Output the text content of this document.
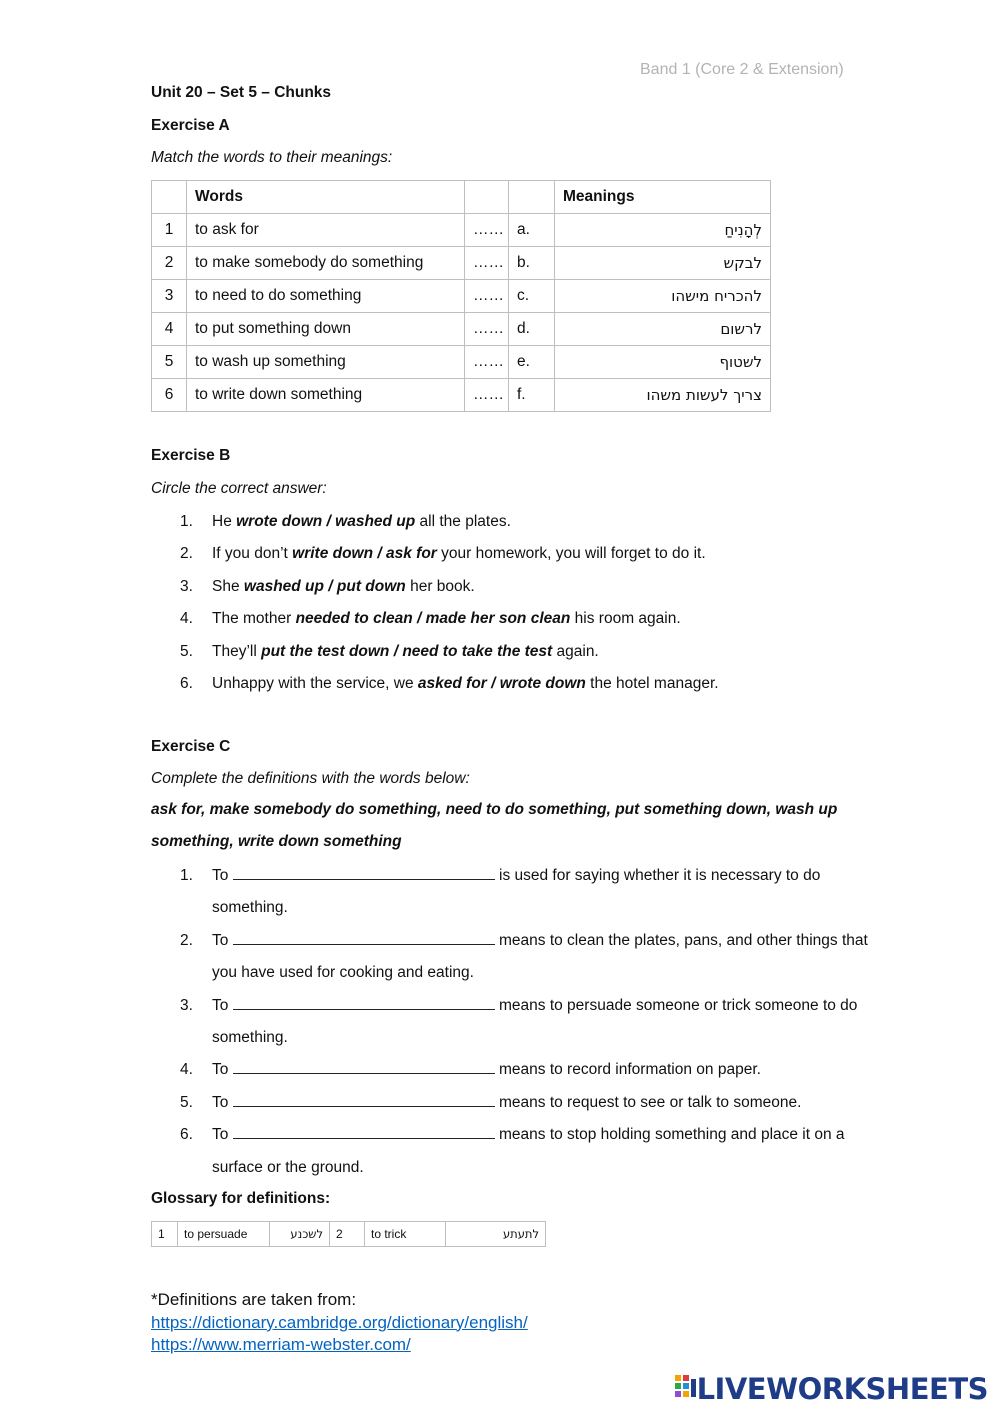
Band 1 (Core 2 & Extension)
Unit 20 – Set 5 – Chunks
Exercise A
Match the words to their meanings:
	Words			Meanings
1	to ask for	……	a.	לְהָנִיחַ
2	to make somebody do something	……	b.	לבקש
3	to need to do something	……	c.	להכריח מישהו
4	to put something down	……	d.	לרשום
5	to wash up something	……	e.	לשטוף
6	to write down something	……	f.	צריך לעשות משהו
Exercise B
Circle the correct answer:
1. He wrote down / washed up all the plates.
2. If you don’t write down / ask for your homework, you will forget to do it.
3. She washed up / put down her book.
4. The mother needed to clean / made her son clean his room again.
5. They’ll put the test down / need to take the test again.
6. Unhappy with the service, we asked for / wrote down the hotel manager.
Exercise C
Complete the definitions with the words below:
ask for, make somebody do something, need to do something, put something down, wash up something, write down something
1. To	is used for saying whether it is necessary to do something.
2. To	means to clean the plates, pans, and other things that you have used for cooking and eating.
3. To	means to persuade someone or trick someone to do something.
4. To	means to record information on paper.
5. To	means to request to see or talk to someone.
6. To	means to stop holding something and place it on a surface or the ground.
Glossary for definitions:
1	to persuade	לשכנע	2	to trick	לתעתע
*Definitions are taken from:
https://dictionary.cambridge.org/dictionary/english/
https://www.merriam-webster.com/
LIVEWORKSHEETS
